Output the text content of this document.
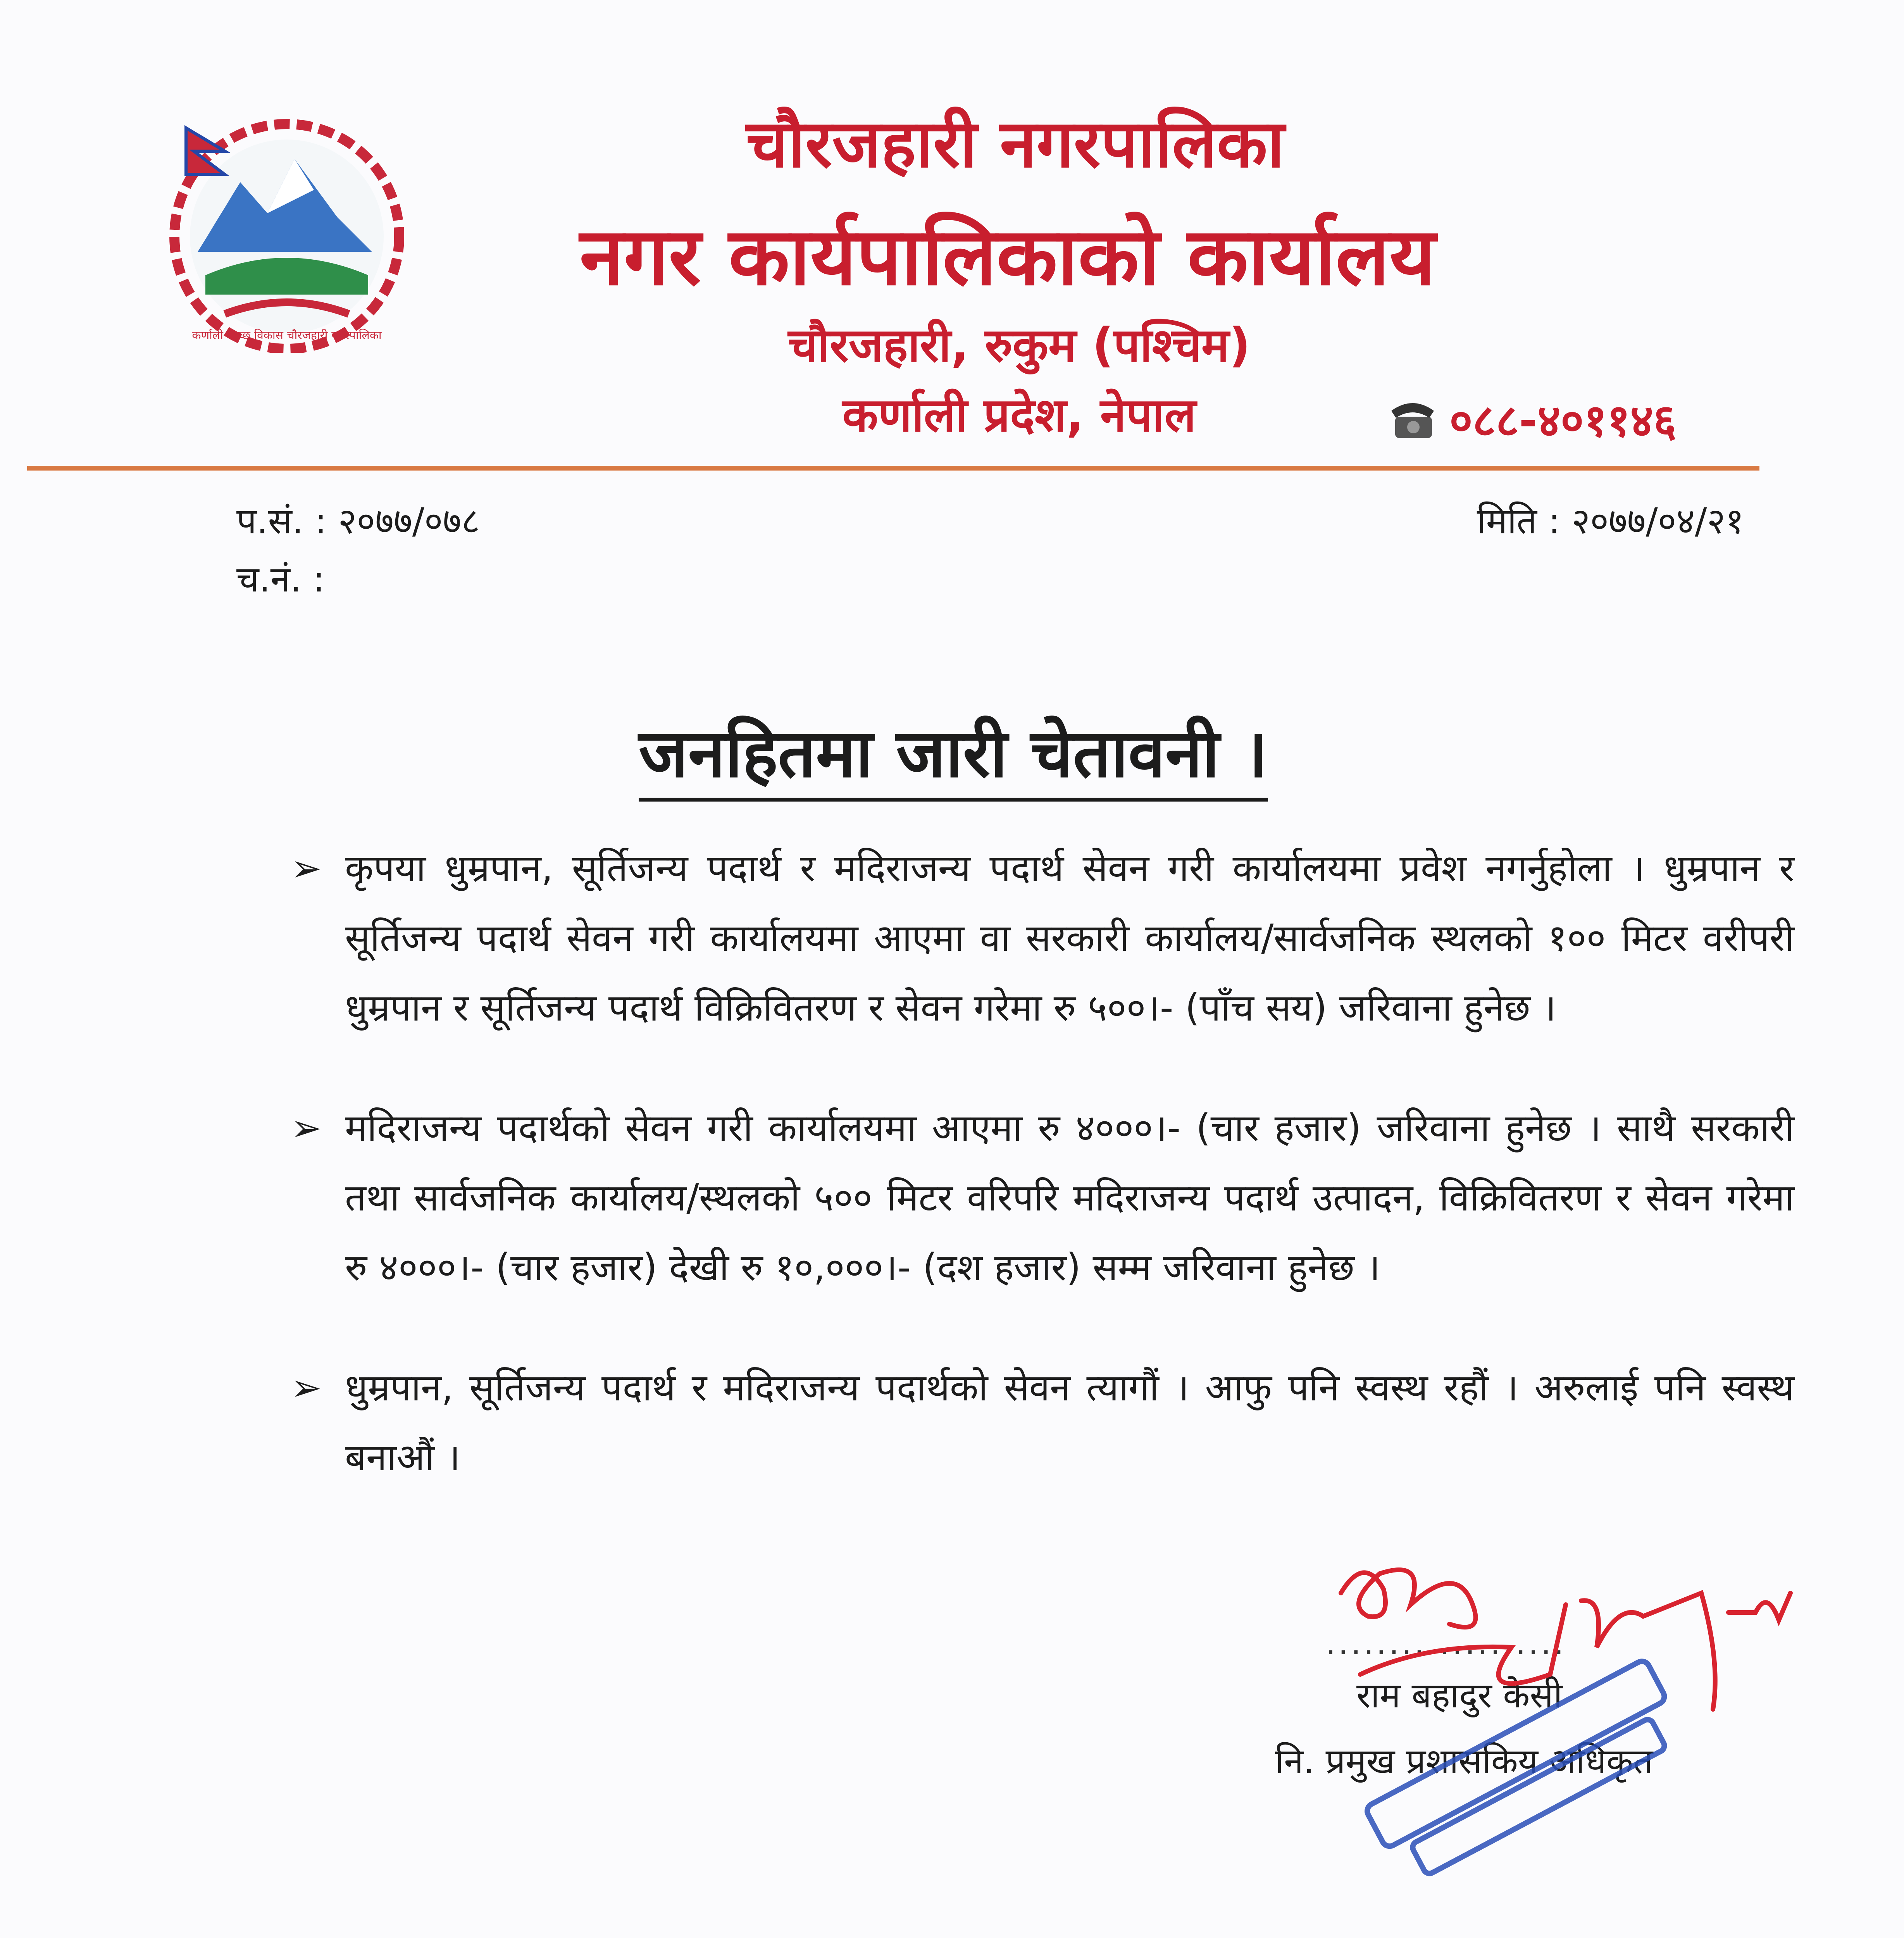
कर्णाली स्वच्छ विकास चौरजहारी नगरपालिका
चौरजहारी नगरपालिका
नगर कार्यपालिकाको कार्यालय
चौरजहारी, रुकुम (पश्चिम)
कर्णाली प्रदेश, नेपाल	०८८-४०११४६
प.सं. : २०७७/०७८
च.नं. :
मिति : २०७७/०४/२१
जनहितमा जारी चेतावनी ।
➢ कृपया धुम्रपान, सूर्तिजन्य पदार्थ र मदिराजन्य पदार्थ सेवन गरी कार्यालयमा प्रवेश नगर्नुहोला । धुम्रपान र सूर्तिजन्य पदार्थ सेवन गरी कार्यालयमा आएमा वा सरकारी कार्यालय/सार्वजनिक स्थलको १०० मिटर वरीपरी धुम्रपान र सूर्तिजन्य पदार्थ विक्रिवितरण र सेवन गरेमा रु ५००।- (पाँच सय) जरिवाना हुनेछ ।
➢ मदिराजन्य पदार्थको सेवन गरी कार्यालयमा आएमा रु ४०००।- (चार हजार) जरिवाना हुनेछ । साथै सरकारी तथा सार्वजनिक कार्यालय/स्थलको ५०० मिटर वरिपरि मदिराजन्य पदार्थ उत्पादन, विक्रिवितरण र सेवन गरेमा रु ४०००।- (चार हजार) देखी रु १०,०००।- (दश हजार) सम्म जरिवाना हुनेछ ।
➢ धुम्रपान, सूर्तिजन्य पदार्थ र मदिराजन्य पदार्थको सेवन त्यागौं । आफु पनि स्वस्थ रहौं । अरुलाई पनि स्वस्थ बनाऔं ।
...................
राम बहादुर केसी
नि. प्रमुख प्रशासकिय अधिकृत
